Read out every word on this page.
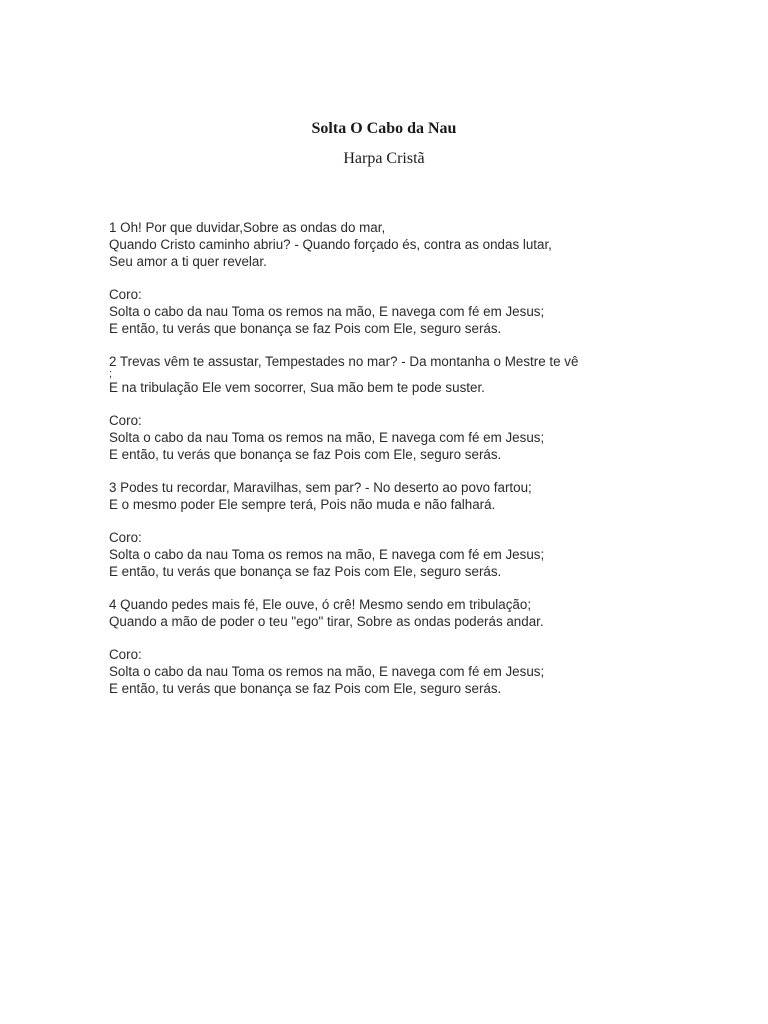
Solta O Cabo da Nau
Harpa Cristã
1 Oh! Por que duvidar,Sobre as ondas do mar,
Quando Cristo caminho abriu? - Quando forçado és, contra as ondas lutar,
Seu amor a ti quer revelar.
Coro:
Solta o cabo da nau Toma os remos na mão, E navega com fé em Jesus;
E então, tu verás que bonança se faz Pois com Ele, seguro serás.
2 Trevas vêm te assustar, Tempestades no mar? - Da montanha o Mestre te vê
;
E na tribulação Ele vem socorrer, Sua mão bem te pode suster.
Coro:
Solta o cabo da nau Toma os remos na mão, E navega com fé em Jesus;
E então, tu verás que bonança se faz Pois com Ele, seguro serás.
3 Podes tu recordar, Maravilhas, sem par? - No deserto ao povo fartou;
E o mesmo poder Ele sempre terá, Pois não muda e não falhará.
Coro:
Solta o cabo da nau Toma os remos na mão, E navega com fé em Jesus;
E então, tu verás que bonança se faz Pois com Ele, seguro serás.
4 Quando pedes mais fé, Ele ouve, ó crê! Mesmo sendo em tribulação;
Quando a mão de poder o teu "ego" tirar, Sobre as ondas poderás andar.
Coro:
Solta o cabo da nau Toma os remos na mão, E navega com fé em Jesus;
E então, tu verás que bonança se faz Pois com Ele, seguro serás.
